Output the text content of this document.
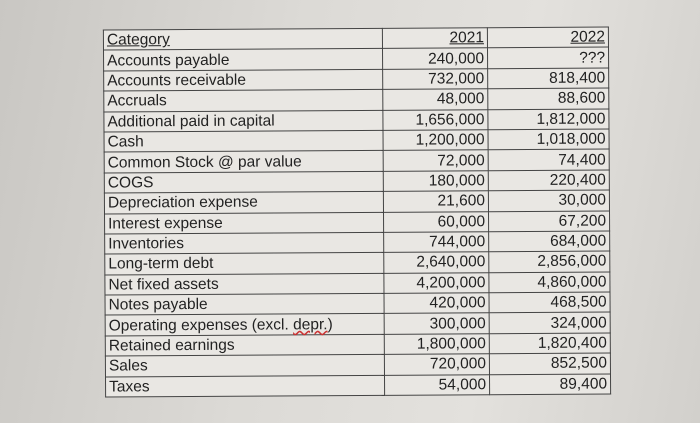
Category	2021	2022
Accounts payable	240,000	???
Accounts receivable	732,000	818,400
Accruals	48,000	88,600
Additional paid in capital	1,656,000	1,812,000
Cash	1,200,000	1,018,000
Common Stock @ par value	72,000	74,400
COGS	180,000	220,400
Depreciation expense	21,600	30,000
Interest expense	60,000	67,200
Inventories	744,000	684,000
Long-term debt	2,640,000	2,856,000
Net fixed assets	4,200,000	4,860,000
Notes payable	420,000	468,500
Operating expenses (excl. depr.)	300,000	324,000
Retained earnings	1,800,000	1,820,400
Sales	720,000	852,500
Taxes	54,000	89,400
